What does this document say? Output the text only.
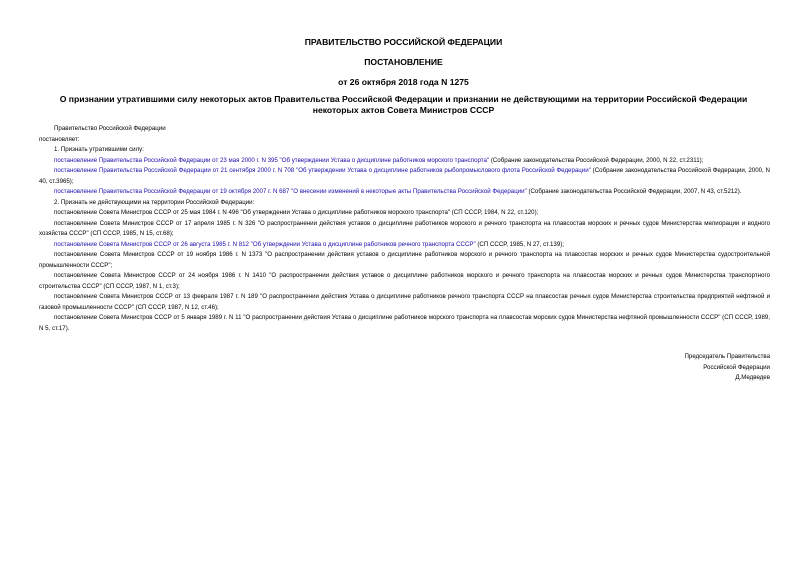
ПРАВИТЕЛЬСТВО РОССИЙСКОЙ ФЕДЕРАЦИИ
ПОСТАНОВЛЕНИЕ
от 26 октября 2018 года N 1275
О признании утратившими силу некоторых актов Правительства Российской Федерации и признании не действующими на территории Российской Федерации некоторых актов Совета Министров СССР

Правительство Российской Федерации

постановляет:

1. Признать утратившими силу:

постановление Правительства Российской Федерации от 23 мая 2000 г. N 395 "Об утверждении Устава о дисциплине работников морского транспорта" (Собрание законодательства Российской Федерации, 2000, N 22, ст.2311);

постановление Правительства Российской Федерации от 21 сентября 2000 г. N 708 "Об утверждении Устава о дисциплине работников рыбопромыслового флота Российской Федерации" (Собрание законодательства Российской Федерации, 2000, N 40, ст.3965);

постановление Правительства Российской Федерации от 19 октября 2007 г. N 687 "О внесении изменений в некоторые акты Правительства Российской Федерации" (Собрание законодательства Российской Федерации, 2007, N 43, ст.5212).

2. Признать не действующими на территории Российской Федерации:

постановление Совета Министров СССР от 25 мая 1984 г. N 496 "Об утверждении Устава о дисциплине работников морского транспорта" (СП СССР, 1984, N 22, ст.120);

постановление Совета Министров СССР от 17 апреля 1985 г. N 326 "О распространении действия уставов о дисциплине работников морского и речного транспорта на плавсостав морских и речных судов Министерства мелиорации и водного хозяйства СССР" (СП СССР, 1985, N 15, ст.68);

постановление Совета Министров СССР от 26 августа 1985 г. N 812 "Об утверждении Устава о дисциплине работников речного транспорта СССР" (СП СССР, 1985, N 27, ст.139);

постановление Совета Министров СССР от 19 ноября 1986 г. N 1373 "О распространении действия уставов о дисциплине работников морского и речного транспорта на плавсостав морских и речных судов Министерства судостроительной промышленности СССР";

постановление Совета Министров СССР от 24 ноября 1986 г. N 1410 "О распространении действия уставов о дисциплине работников морского и речного транспорта на плавсостав морских и речных судов Министерства транспортного строительства СССР" (СП СССР, 1987, N 1, ст.3);

постановление Совета Министров СССР от 13 февраля 1987 г. N 189 "О распространении действия Устава о дисциплине работников речного транспорта СССР на плавсостав речных судов Министерства строительства предприятий нефтяной и газовой промышленности СССР" (СП СССР, 1987, N 12, ст.46);

постановление Совета Министров СССР от 5 января 1989 г. N 11 "О распространении действия Устава о дисциплине работников морского транспорта на плавсостав морских судов Министерства нефтяной промышленности СССР" (СП СССР, 1989, N 5, ст.17).

Председатель Правительства
Российской Федерации
Д.Медведев
